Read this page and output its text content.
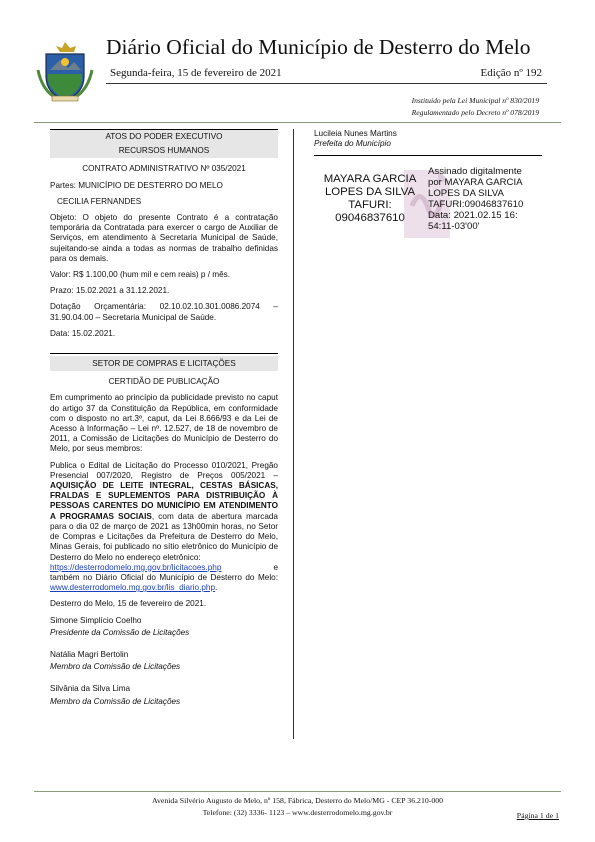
Diário Oficial do Município de Desterro do Melo
Segunda-feira, 15 de fevereiro de 2021	Edição nº 192
Instituído pela Lei Municipal nº 830/2019
Regulamentado pelo Decreto nº 078/2019
ATOS DO PODER EXECUTIVO
RECURSOS HUMANOS
CONTRATO ADMINISTRATIVO Nº 035/2021
Partes: MUNICÍPIO DE DESTERRO DO MELO
CECILIA FERNANDES
Objeto: O objeto do presente Contrato é a contratação temporária da Contratada para exercer o cargo de Auxiliar de Serviços, em atendimento à Secretaria Municipal de Saúde, sujeitando-se ainda a todas as normas de trabalho definidas para os demais.
Valor: R$ 1.100,00 (hum mil e cem reais) p / mês.
Prazo: 15.02.2021 a 31.12.2021.
Dotação Orçamentária: 02.10.02.10.301.0086.2074 – 31.90.04.00 – Secretaria Municipal de Saúde.
Data: 15.02.2021.
SETOR DE COMPRAS E LICITAÇÕES
CERTIDÃO DE PUBLICAÇÃO
Em cumprimento ao princípio da publicidade previsto no caput do artigo 37 da Constituição da República, em conformidade com o disposto no art.3º, caput, da Lei 8.666/93 e da Lei de Acesso à Informação – Lei nº. 12.527, de 18 de novembro de 2011, a Comissão de Licitações do Município de Desterro do Melo, por seus membros:
Publica o Edital de Licitação do Processo 010/2021, Pregão Presencial 007/2020, Registro de Preços 005/2021 – AQUISIÇÃO DE LEITE INTEGRAL, CESTAS BÁSICAS, FRALDAS E SUPLEMENTOS PARA DISTRIBUIÇÃO À PESSOAS CARENTES DO MUNICÍPIO EM ATENDIMENTO A PROGRAMAS SOCIAIS, com data de abertura marcada para o dia 02 de março de 2021 as 13h00min horas, no Setor de Compras e Licitações da Prefeitura de Desterro do Melo, Minas Gerais, foi publicado no sítio eletrônico do Município de Desterro do Melo no endereço eletrônico:
https://desterrodomelo.mg.gov.br/licitacoes.php	e
também no Diário Oficial do Município de Desterro do Melo: www.desterrodomelo.mg.gov.br/lis_diario.php.
Desterro do Melo, 15 de fevereiro de 2021.
Simone Simplício Coelho
Presidente da Comissão de Licitações
Natália Magri Bertolin
Membro da Comissão de Licitações
Silvânia da Silva Lima
Membro da Comissão de Licitações
Lucileia Nunes Martins
Prefeita do Município
MAYARA GARCIA
LOPES DA SILVA
TAFURI:
09046837610
Assinado digitalmente
por MAYARA GARCIA
LOPES DA SILVA
TAFURI:09046837610
Data: 2021.02.15 16:
54:11-03'00'
Avenida Silvério Augusto de Melo, nº 158, Fábrica, Desterro do Melo/MG - CEP 36.210-000
Telefone: (32) 3336- 1123 – www.desterrodomelo.mg.gov.br	Página 1 de 1
